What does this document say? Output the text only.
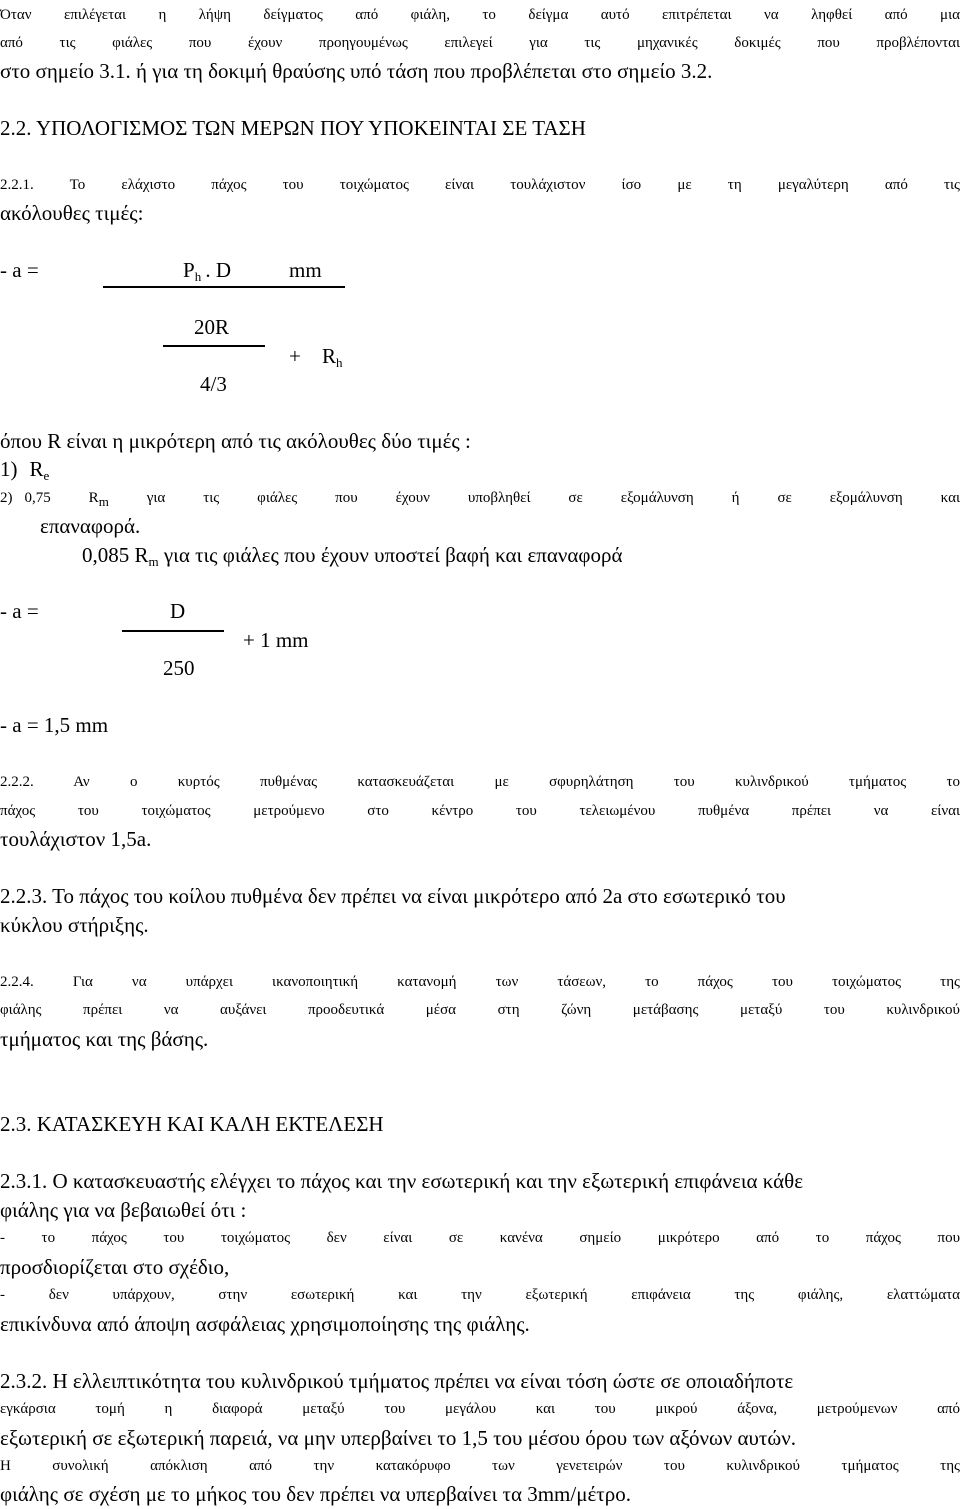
Όταν επιλέγεται η λήψη δείγματος από φιάλη, το δείγμα αυτό επιτρέπεται να ληφθεί από μια
από τις φιάλες που έχουν προηγουμένως επιλεγεί για τις μηχανικές δοκιμές που προβλέπονται
στο σημείο 3.1. ή για τη δοκιμή θραύσης υπό τάση που προβλέπεται στο σημείο 3.2.
2.2. ΥΠΟΛΟΓΙΣΜΟΣ ΤΩΝ ΜΕΡΩΝ ΠΟΥ ΥΠΟΚΕΙΝΤΑΙ ΣΕ ΤΑΣΗ
2.2.1. Το ελάχιστο πάχος του τοιχώματος είναι τουλάχιστον ίσο με τη μεγαλύτερη από τις
ακόλουθες τιμές:
- a =	$P_h$  . D	mm
20R
+ $R_h$
4/3
όπου R είναι η μικρότερη από τις ακόλουθες δύο τιμές :
1) $R_e$
2) 0,75 $R_m$ για τις φιάλες που έχουν υποβληθεί σε εξομάλυνση ή σε εξομάλυνση και
επαναφορά.
0,085 $R_m$ για τις φιάλες που έχουν υποστεί βαφή και επαναφορά
- a =	D
+ 1 mm
250
- a = 1,5 mm
2.2.2. Αν ο κυρτός πυθμένας κατασκευάζεται με σφυρηλάτηση του κυλινδρικού τμήματος το
πάχος του τοιχώματος μετρούμενο στο κέντρο του τελειωμένου πυθμένα πρέπει να είναι
τουλάχιστον 1,5a.
2.2.3. Το πάχος του κοίλου πυθμένα δεν πρέπει να είναι μικρότερο από 2a στο εσωτερικό του
κύκλου στήριξης.
2.2.4. Για να υπάρχει ικανοποιητική κατανομή των τάσεων, το πάχος του τοιχώματος της
φιάλης πρέπει να αυξάνει προοδευτικά μέσα στη ζώνη μετάβασης μεταξύ του κυλινδρικού
τμήματος και της βάσης.
2.3. ΚΑΤΑΣΚΕΥΗ ΚΑΙ ΚΑΛΗ ΕΚΤΕΛΕΣΗ
2.3.1. Ο κατασκευαστής ελέγχει το πάχος και την εσωτερική και την εξωτερική επιφάνεια κάθε
φιάλης για να βεβαιωθεί ότι :
- το πάχος του τοιχώματος δεν είναι σε κανένα σημείο μικρότερο από το πάχος που
προσδιορίζεται στο σχέδιο,
- δεν υπάρχουν, στην εσωτερική και την εξωτερική επιφάνεια της φιάλης, ελαττώματα
επικίνδυνα από άποψη ασφάλειας χρησιμοποίησης της φιάλης.
2.3.2. Η ελλειπτικότητα του κυλινδρικού τμήματος πρέπει να είναι τόση ώστε σε οποιαδήποτε
εγκάρσια τομή η διαφορά μεταξύ του μεγάλου και του μικρού άξονα, μετρούμενων από
εξωτερική σε εξωτερική παρειά, να μην υπερβαίνει το 1,5 του μέσου όρου των αξόνων αυτών.
Η συνολική απόκλιση από την κατακόρυφο των γενετειρών του κυλινδρικού τμήματος της
φιάλης σε σχέση με το μήκος του δεν πρέπει να υπερβαίνει τα 3mm/μέτρο.
